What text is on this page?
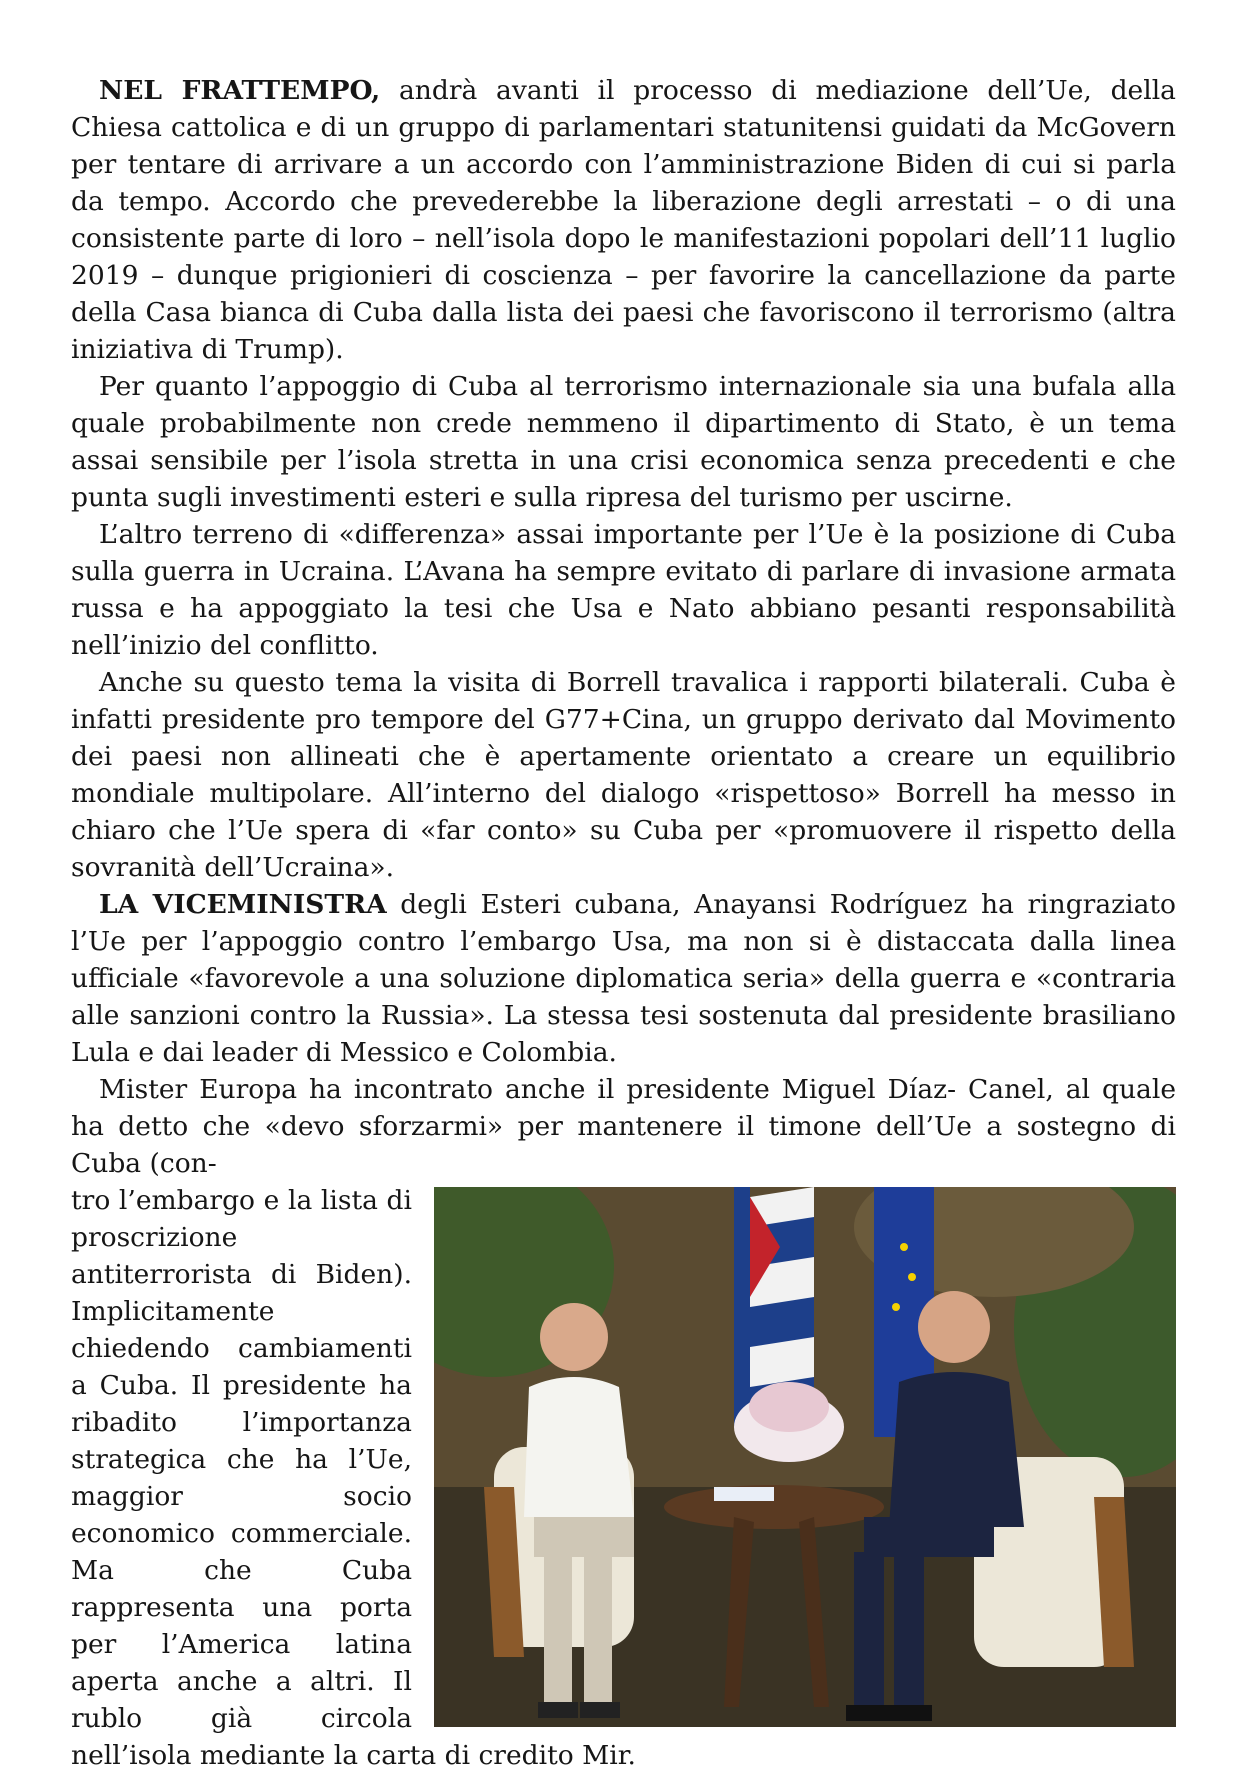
NEL FRATTEMPO, andrà avanti il processo di mediazione dell’Ue, della Chiesa cattolica e di un gruppo di parlamentari statunitensi guidati da McGovern per tentare di arrivare a un accordo con l’amministrazione Biden di cui si parla da tempo. Accordo che prevederebbe la liberazione degli arrestati – o di una consistente parte di loro – nell’isola dopo le manifestazioni popolari dell’11 luglio 2019 – dunque prigionieri di coscienza – per favorire la cancellazione da parte della Casa bianca di Cuba dalla lista dei paesi che favoriscono il terrorismo (altra iniziativa di Trump).

Per quanto l’appoggio di Cuba al terrorismo internazionale sia una bufala alla quale probabilmente non crede nemmeno il dipartimento di Stato, è un tema assai sensibile per l’isola stretta in una crisi economica senza precedenti e che punta sugli investimenti esteri e sulla ripresa del turismo per uscirne.

L’altro terreno di «differenza» assai importante per l’Ue è la posizione di Cuba sulla guerra in Ucraina. L’Avana ha sempre evitato di parlare di invasione armata russa e ha appoggiato la tesi che Usa e Nato abbiano pesanti responsabilità nell’inizio del conflitto.

Anche su questo tema la visita di Borrell travalica i rapporti bilaterali. Cuba è infatti presidente pro tempore del G77+Cina, un gruppo derivato dal Movimento dei paesi non allineati che è apertamente orientato a creare un equilibrio mondiale multipolare. All’interno del dialogo «rispettoso» Borrell ha messo in chiaro che l’Ue spera di «far conto» su Cuba per «promuovere il rispetto della sovranità dell’Ucraina».

LA VICEMINISTRA degli Esteri cubana, Anayansi Rodríguez ha ringraziato l’Ue per l’appoggio contro l’embargo Usa, ma non si è distaccata dalla linea ufficiale «favorevole a una soluzione diplomatica seria» della guerra e «contraria alle sanzioni contro la Russia». La stessa tesi sostenuta dal presidente brasiliano Lula e dai leader di Messico e Colombia.

Mister Europa ha incontrato anche il presidente Miguel Díaz- Canel, al quale ha detto che «devo sforzarmi» per mantenere il timone dell’Ue a sostegno di Cuba (con-

tro l’embargo e la lista di proscrizione antiterrorista di Biden). Implicitamente chiedendo cambiamenti a Cuba. Il presidente ha ribadito l’importanza strategica che ha l’Ue, maggior socio economico commerciale. Ma che Cuba rappresenta una porta per l’America latina aperta anche a altri. Il rublo già circola nell’isola mediante la carta di credito Mir.
